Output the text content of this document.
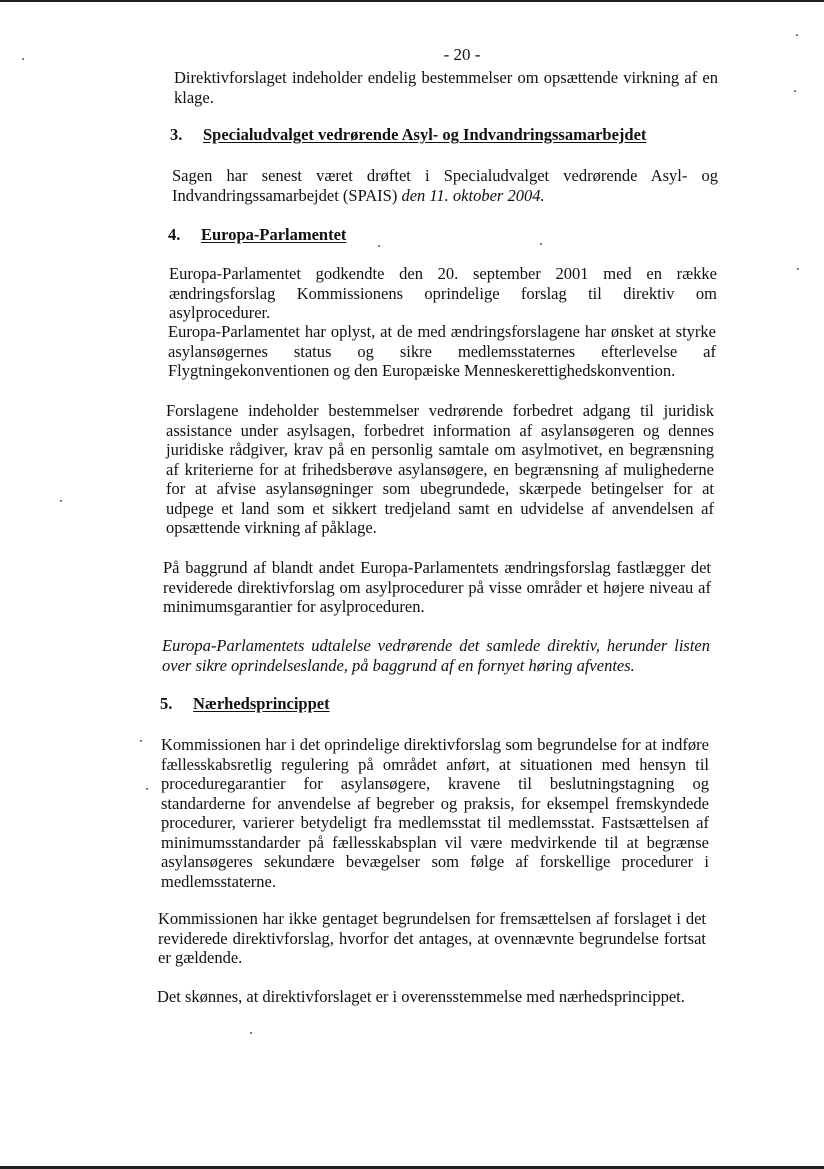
- 20 -

Direktivforslaget indeholder endelig bestemmelser om opsættende virkning af en klage.

3. Specialudvalget vedrørende Asyl- og Indvandringssamarbejdet

Sagen har senest været drøftet i Specialudvalget vedrørende Asyl- og Indvandringssamarbejdet (SPAIS) den 11. oktober 2004.

4. Europa-Parlamentet

Europa-Parlamentet godkendte den 20. september 2001 med en række ændringsforslag Kommissionens oprindelige forslag til direktiv om asylprocedurer.

Europa-Parlamentet har oplyst, at de med ændringsforslagene har ønsket at styrke asylansøgernes status og sikre medlemsstaternes efterlevelse af Flygtningekonventionen og den Europæiske Menneskerettighedskonvention.

Forslagene indeholder bestemmelser vedrørende forbedret adgang til juridisk assistance under asylsagen, forbedret information af asylansøgeren og dennes juridiske rådgiver, krav på en personlig samtale om asylmotivet, en begrænsning af kriterierne for at frihedsberøve asylansøgere, en begrænsning af mulighederne for at afvise asylansøgninger som ubegrundede, skærpede betingelser for at udpege et land som et sikkert tredjeland samt en udvidelse af anvendelsen af opsættende virkning af påklage.

På baggrund af blandt andet Europa-Parlamentets ændringsforslag fastlægger det reviderede direktivforslag om asylprocedurer på visse områder et højere niveau af minimumsgarantier for asylproceduren.

Europa-Parlamentets udtalelse vedrørende det samlede direktiv, herunder listen over sikre oprindelseslande, på baggrund af en fornyet høring afventes.

5. Nærhedsprincippet

Kommissionen har i det oprindelige direktivforslag som begrundelse for at indføre fællesskabsretlig regulering på området anført, at situationen med hensyn til proceduregarantier for asylansøgere, kravene til beslutningstagning og standarderne for anvendelse af begreber og praksis, for eksempel fremskyndede procedurer, varierer betydeligt fra medlemsstat til medlemsstat. Fastsættelsen af minimumsstandarder på fællesskabsplan vil være medvirkende til at begrænse asylansøgeres sekundære bevægelser som følge af forskellige procedurer i medlemsstaterne.

Kommissionen har ikke gentaget begrundelsen for fremsættelsen af forslaget i det reviderede direktivforslag, hvorfor det antages, at ovennævnte begrundelse fortsat er gældende.

Det skønnes, at direktivforslaget er i overensstemmelse med nærhedsprincippet.
